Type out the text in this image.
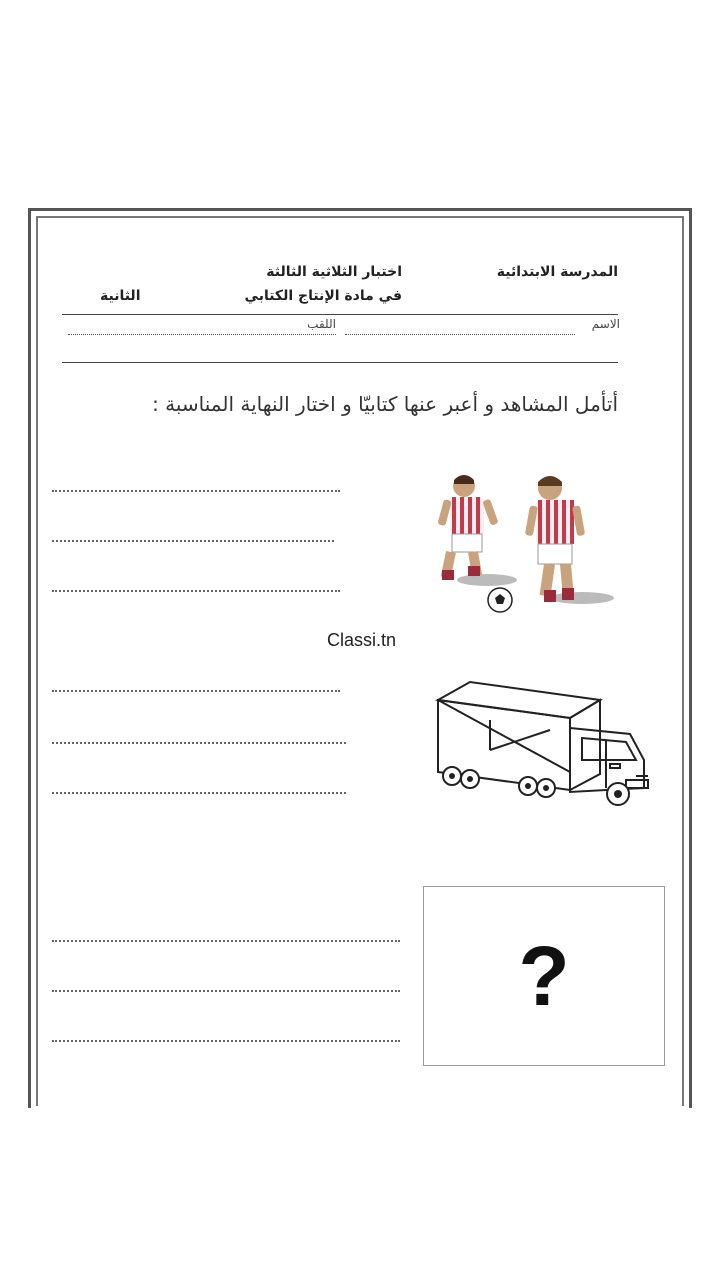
المدرسة الابتدائية
اختبار الثلاثية الثالثة
في مادة الإنتاج الكتابي
الثانية
الاسم
اللقب
أتأمل المشاهد و أعبر عنها كتابيّا و اختار النهاية المناسبة :
Classi.tn
?
